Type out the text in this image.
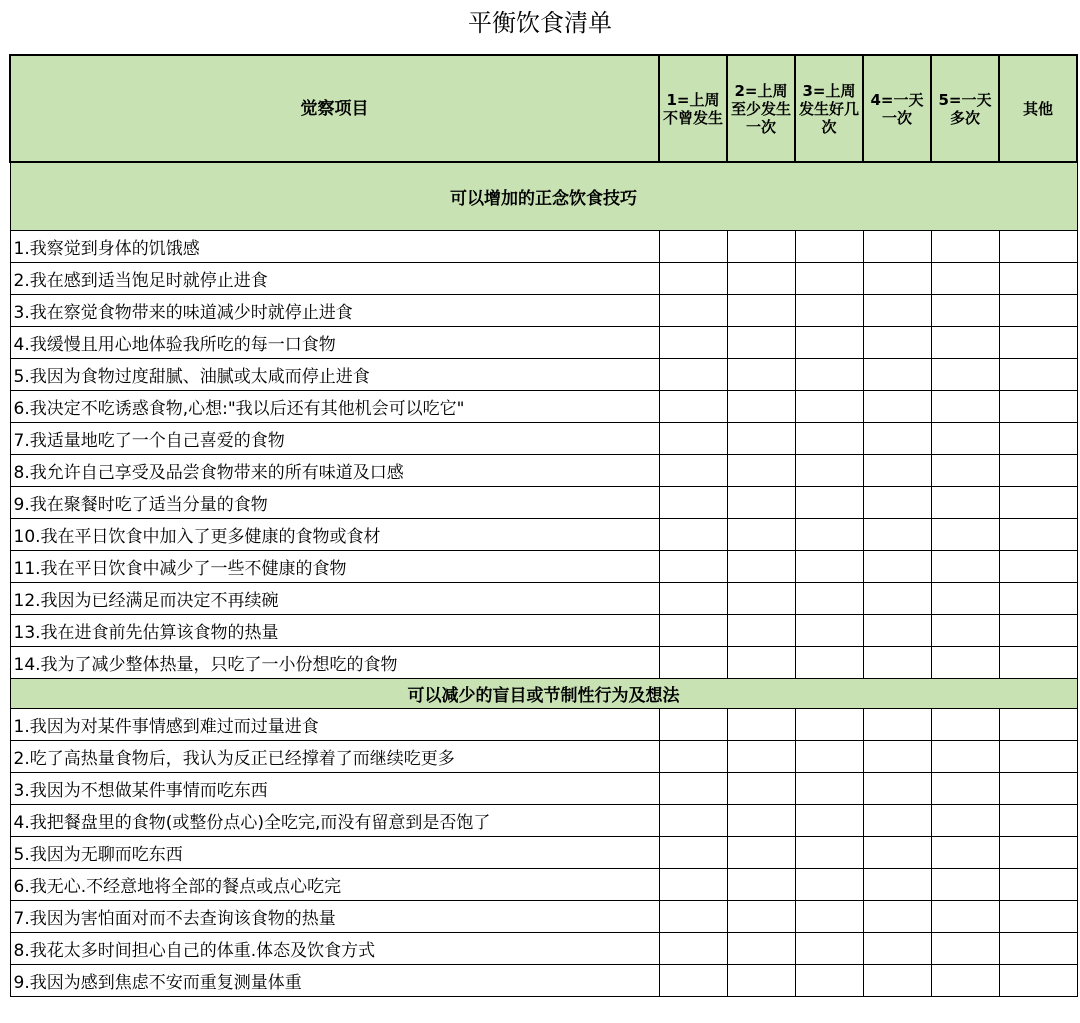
平衡饮食清单
觉察项目	1=上周不曾发生	2=上周至少发生一次	3=上周发生好几次	4=一天一次	5=一天多次	其他
可以增加的正念饮食技巧						
1.我察觉到身体的饥饿感						
2.我在感到适当饱足时就停止进食						
3.我在察觉食物带来的味道减少时就停止进食						
4.我缓慢且用心地体验我所吃的每一口食物						
5.我因为食物过度甜腻、油腻或太咸而停止进食						
6.我决定不吃诱惑食物,心想:"我以后还有其他机会可以吃它"						
7.我适量地吃了一个自己喜爱的食物						
8.我允许自己享受及品尝食物带来的所有味道及口感						
9.我在聚餐时吃了适当分量的食物						
10.我在平日饮食中加入了更多健康的食物或食材						
11.我在平日饮食中减少了一些不健康的食物						
12.我因为已经满足而决定不再续碗						
13.我在进食前先估算该食物的热量						
14.我为了减少整体热量，只吃了一小份想吃的食物						
可以减少的盲目或节制性行为及想法						
1.我因为对某件事情感到难过而过量进食						
2.吃了高热量食物后，我认为反正已经撑着了而继续吃更多						
3.我因为不想做某件事情而吃东西						
4.我把餐盘里的食物(或整份点心)全吃完,而没有留意到是否饱了						
5.我因为无聊而吃东西						
6.我无心.不经意地将全部的餐点或点心吃完						
7.我因为害怕面对而不去查询该食物的热量						
8.我花太多时间担心自己的体重.体态及饮食方式						
9.我因为感到焦虑不安而重复测量体重						
